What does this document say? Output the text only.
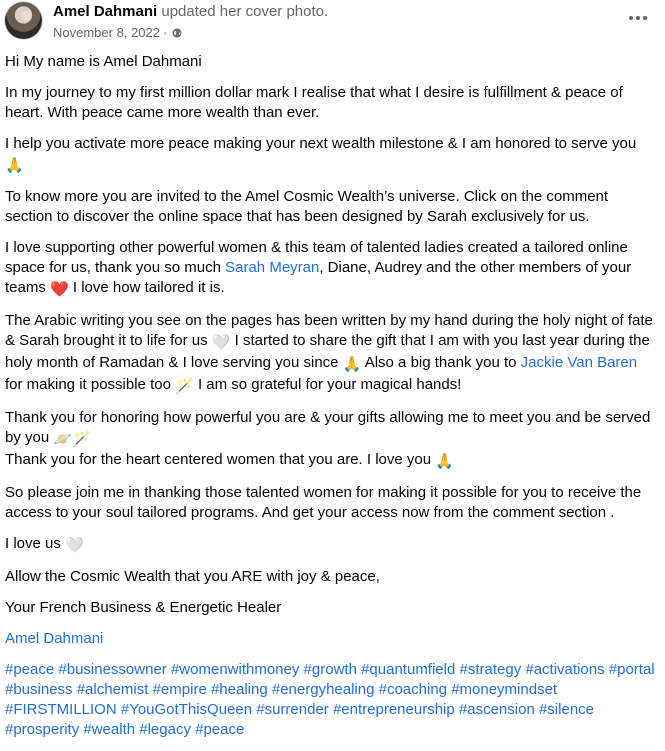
Amel Dahmani updated her cover photo.
November 8, 2022 ·

Hi My name is Amel Dahmani

In my journey to my first million dollar mark I realise that what I desire is fulfillment & peace of heart. With peace came more wealth than ever.

I help you activate more peace making your next wealth milestone & I am honored to serve you
🙏

To know more you are invited to the Amel Cosmic Wealth’s universe. Click on the comment section to discover the online space that has been designed by Sarah exclusively for us.

I love supporting other powerful women & this team of talented ladies created a tailored online space for us, thank you so much Sarah Meyran, Diane, Audrey and the other members of your teams ❤️ I love how tailored it is.

The Arabic writing you see on the pages has been written by my hand during the holy night of fate & Sarah brought it to life for us 🤍 I started to share the gift that I am with you last year during the holy month of Ramadan & I love serving you since 🙏 Also a big thank you to Jackie Van Baren for making it possible too 🪄 I am so grateful for your magical hands!

Thank you for honoring how powerful you are & your gifts allowing me to meet you and be served by you 🪐🪄
Thank you for the heart centered women that you are. I love you 🙏

So please join me in thanking those talented women for making it possible for you to receive the access to your soul tailored programs. And get your access now from the comment section .

I love us 🤍

Allow the Cosmic Wealth that you ARE with joy & peace,

Your French Business & Energetic Healer

Amel Dahmani

#peace #businessowner #womenwithmoney #growth #quantumfield #strategy #activations #portal #business #alchemist #empire #healing #energyhealing #coaching #moneymindset #FIRSTMILLION #YouGotThisQueen #surrender #entrepreneurship #ascension #silence #prosperity #wealth #legacy #peace
